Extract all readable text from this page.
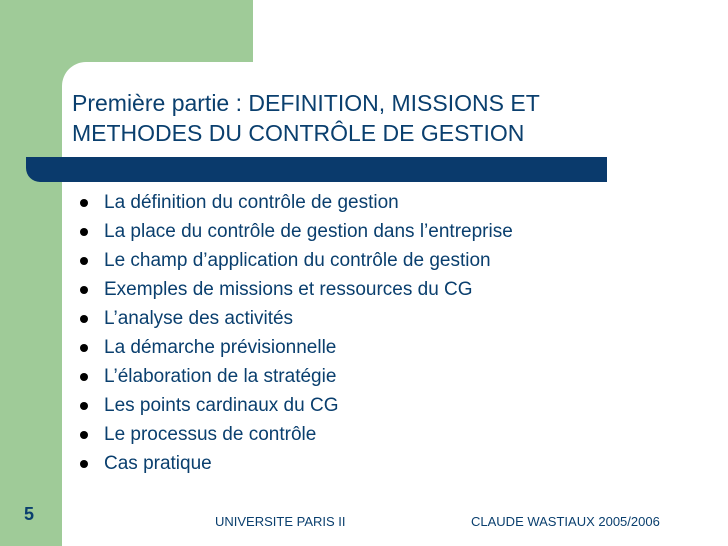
Première partie : DEFINITION, MISSIONS ET METHODES DU CONTRÔLE DE GESTION
La définition du contrôle de gestion
La place du contrôle de gestion dans l’entreprise
Le champ d’application du contrôle de gestion
Exemples de missions et ressources du CG
L’analyse des activités
La démarche prévisionnelle
L’élaboration de la stratégie
Les points cardinaux du CG
Le processus de contrôle
Cas pratique
5	UNIVERSITE PARIS II	CLAUDE WASTIAUX 2005/2006
